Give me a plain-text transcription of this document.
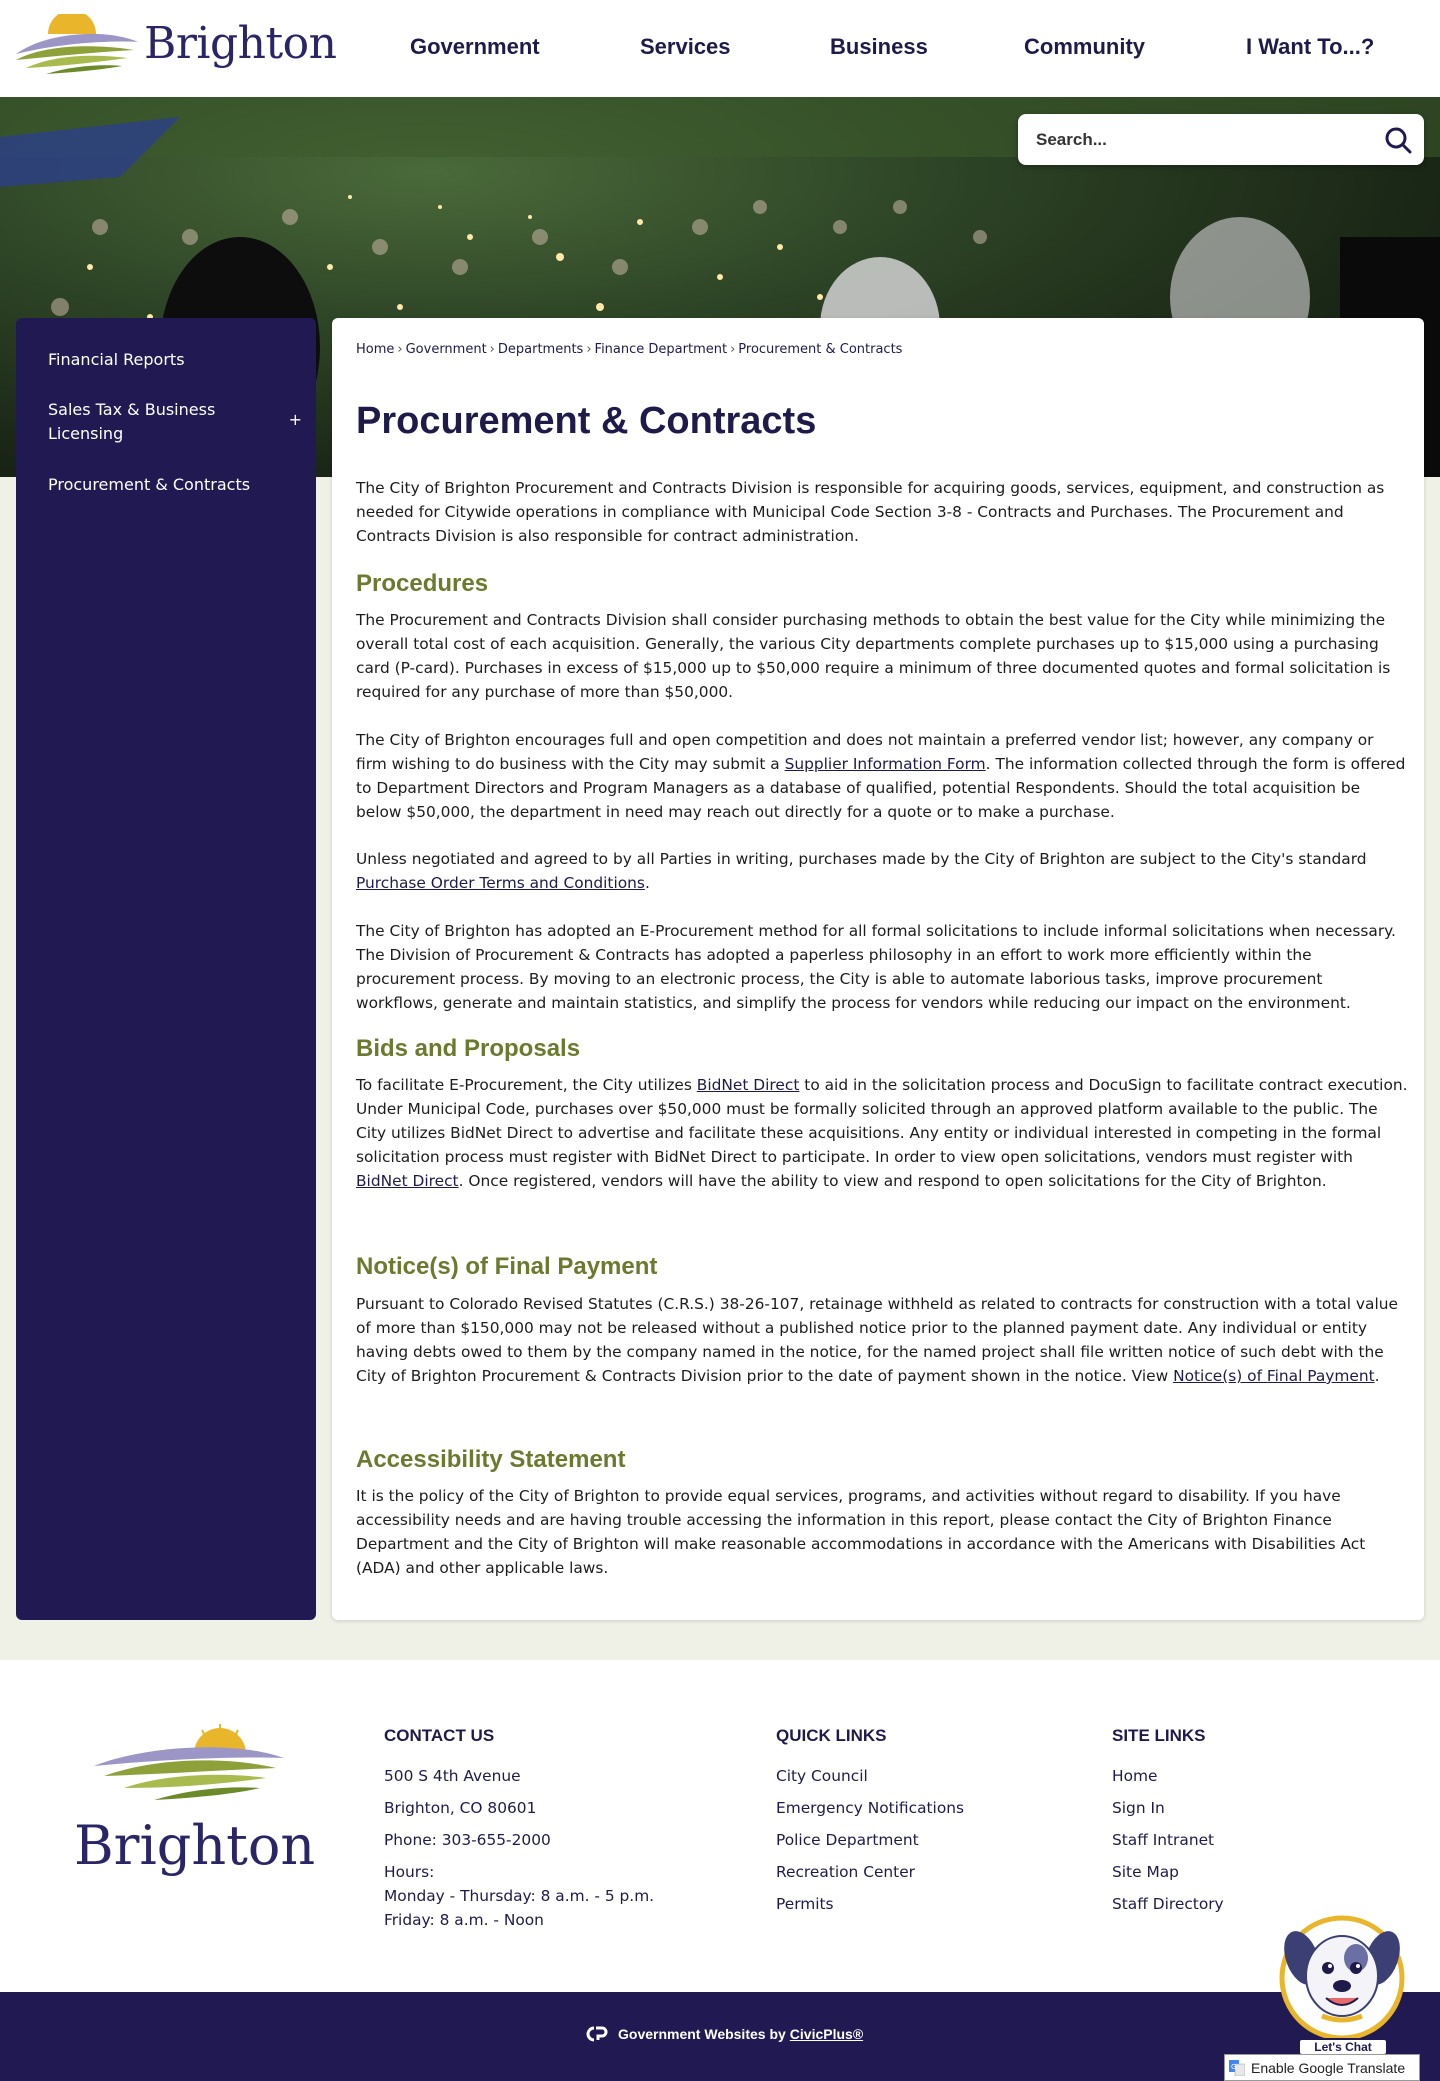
Brighton	Government	Services	Business	Community	I Want To...?
Search...
Financial Reports
Sales Tax & Business Licensing
+
Procurement & Contracts
Home › Government › Departments › Finance Department › Procurement & Contracts
Procurement & Contracts

The City of Brighton Procurement and Contracts Division is responsible for acquiring goods, services, equipment, and construction as needed for Citywide operations in compliance with Municipal Code Section 3-8 - Contracts and Purchases. The Procurement and Contracts Division is also responsible for contract administration.

Procedures

The Procurement and Contracts Division shall consider purchasing methods to obtain the best value for the City while minimizing the overall total cost of each acquisition. Generally, the various City departments complete purchases up to $15,000 using a purchasing card (P-card). Purchases in excess of $15,000 up to $50,000 require a minimum of three documented quotes and formal solicitation is required for any purchase of more than $50,000.

The City of Brighton encourages full and open competition and does not maintain a preferred vendor list; however, any company or firm wishing to do business with the City may submit a Supplier Information Form. The information collected through the form is offered to Department Directors and Program Managers as a database of qualified, potential Respondents. Should the total acquisition be below $50,000, the department in need may reach out directly for a quote or to make a purchase.

Unless negotiated and agreed to by all Parties in writing, purchases made by the City of Brighton are subject to the City's standard Purchase Order Terms and Conditions.

The City of Brighton has adopted an E-Procurement method for all formal solicitations to include informal solicitations when necessary. The Division of Procurement & Contracts has adopted a paperless philosophy in an effort to work more efficiently within the procurement process. By moving to an electronic process, the City is able to automate laborious tasks, improve procurement workflows, generate and maintain statistics, and simplify the process for vendors while reducing our impact on the environment.

Bids and Proposals

To facilitate E-Procurement, the City utilizes BidNet Direct to aid in the solicitation process and DocuSign to facilitate contract execution. Under Municipal Code, purchases over $50,000 must be formally solicited through an approved platform available to the public. The City utilizes BidNet Direct to advertise and facilitate these acquisitions. Any entity or individual interested in competing in the formal solicitation process must register with BidNet Direct to participate. In order to view open solicitations, vendors must register with BidNet Direct. Once registered, vendors will have the ability to view and respond to open solicitations for the City of Brighton.

Notice(s) of Final Payment

Pursuant to Colorado Revised Statutes (C.R.S.) 38-26-107, retainage withheld as related to contracts for construction with a total value of more than $150,000 may not be released without a published notice prior to the planned payment date. Any individual or entity having debts owed to them by the company named in the notice, for the named project shall file written notice of such debt with the City of Brighton Procurement & Contracts Division prior to the date of payment shown in the notice. View Notice(s) of Final Payment.

Accessibility Statement

It is the policy of the City of Brighton to provide equal services, programs, and activities without regard to disability. If you have accessibility needs and are having trouble accessing the information in this report, please contact the City of Brighton Finance Department and the City of Brighton will make reasonable accommodations in accordance with the Americans with Disabilities Act (ADA) and other applicable laws.

Brighton
CONTACT US
500 S 4th Avenue
Brighton, CO 80601
Phone: 303-655-2000
Hours:
Monday - Thursday: 8 a.m. - 5 p.m.
Friday: 8 a.m. - Noon
QUICK LINKS
City Council
Emergency Notifications
Police Department
Recreation Center
Permits
SITE LINKS
Home
Sign In
Staff Intranet
Site Map
Staff Directory
Government Websites by CivicPlus®
Let's Chat
G Enable Google Translate
